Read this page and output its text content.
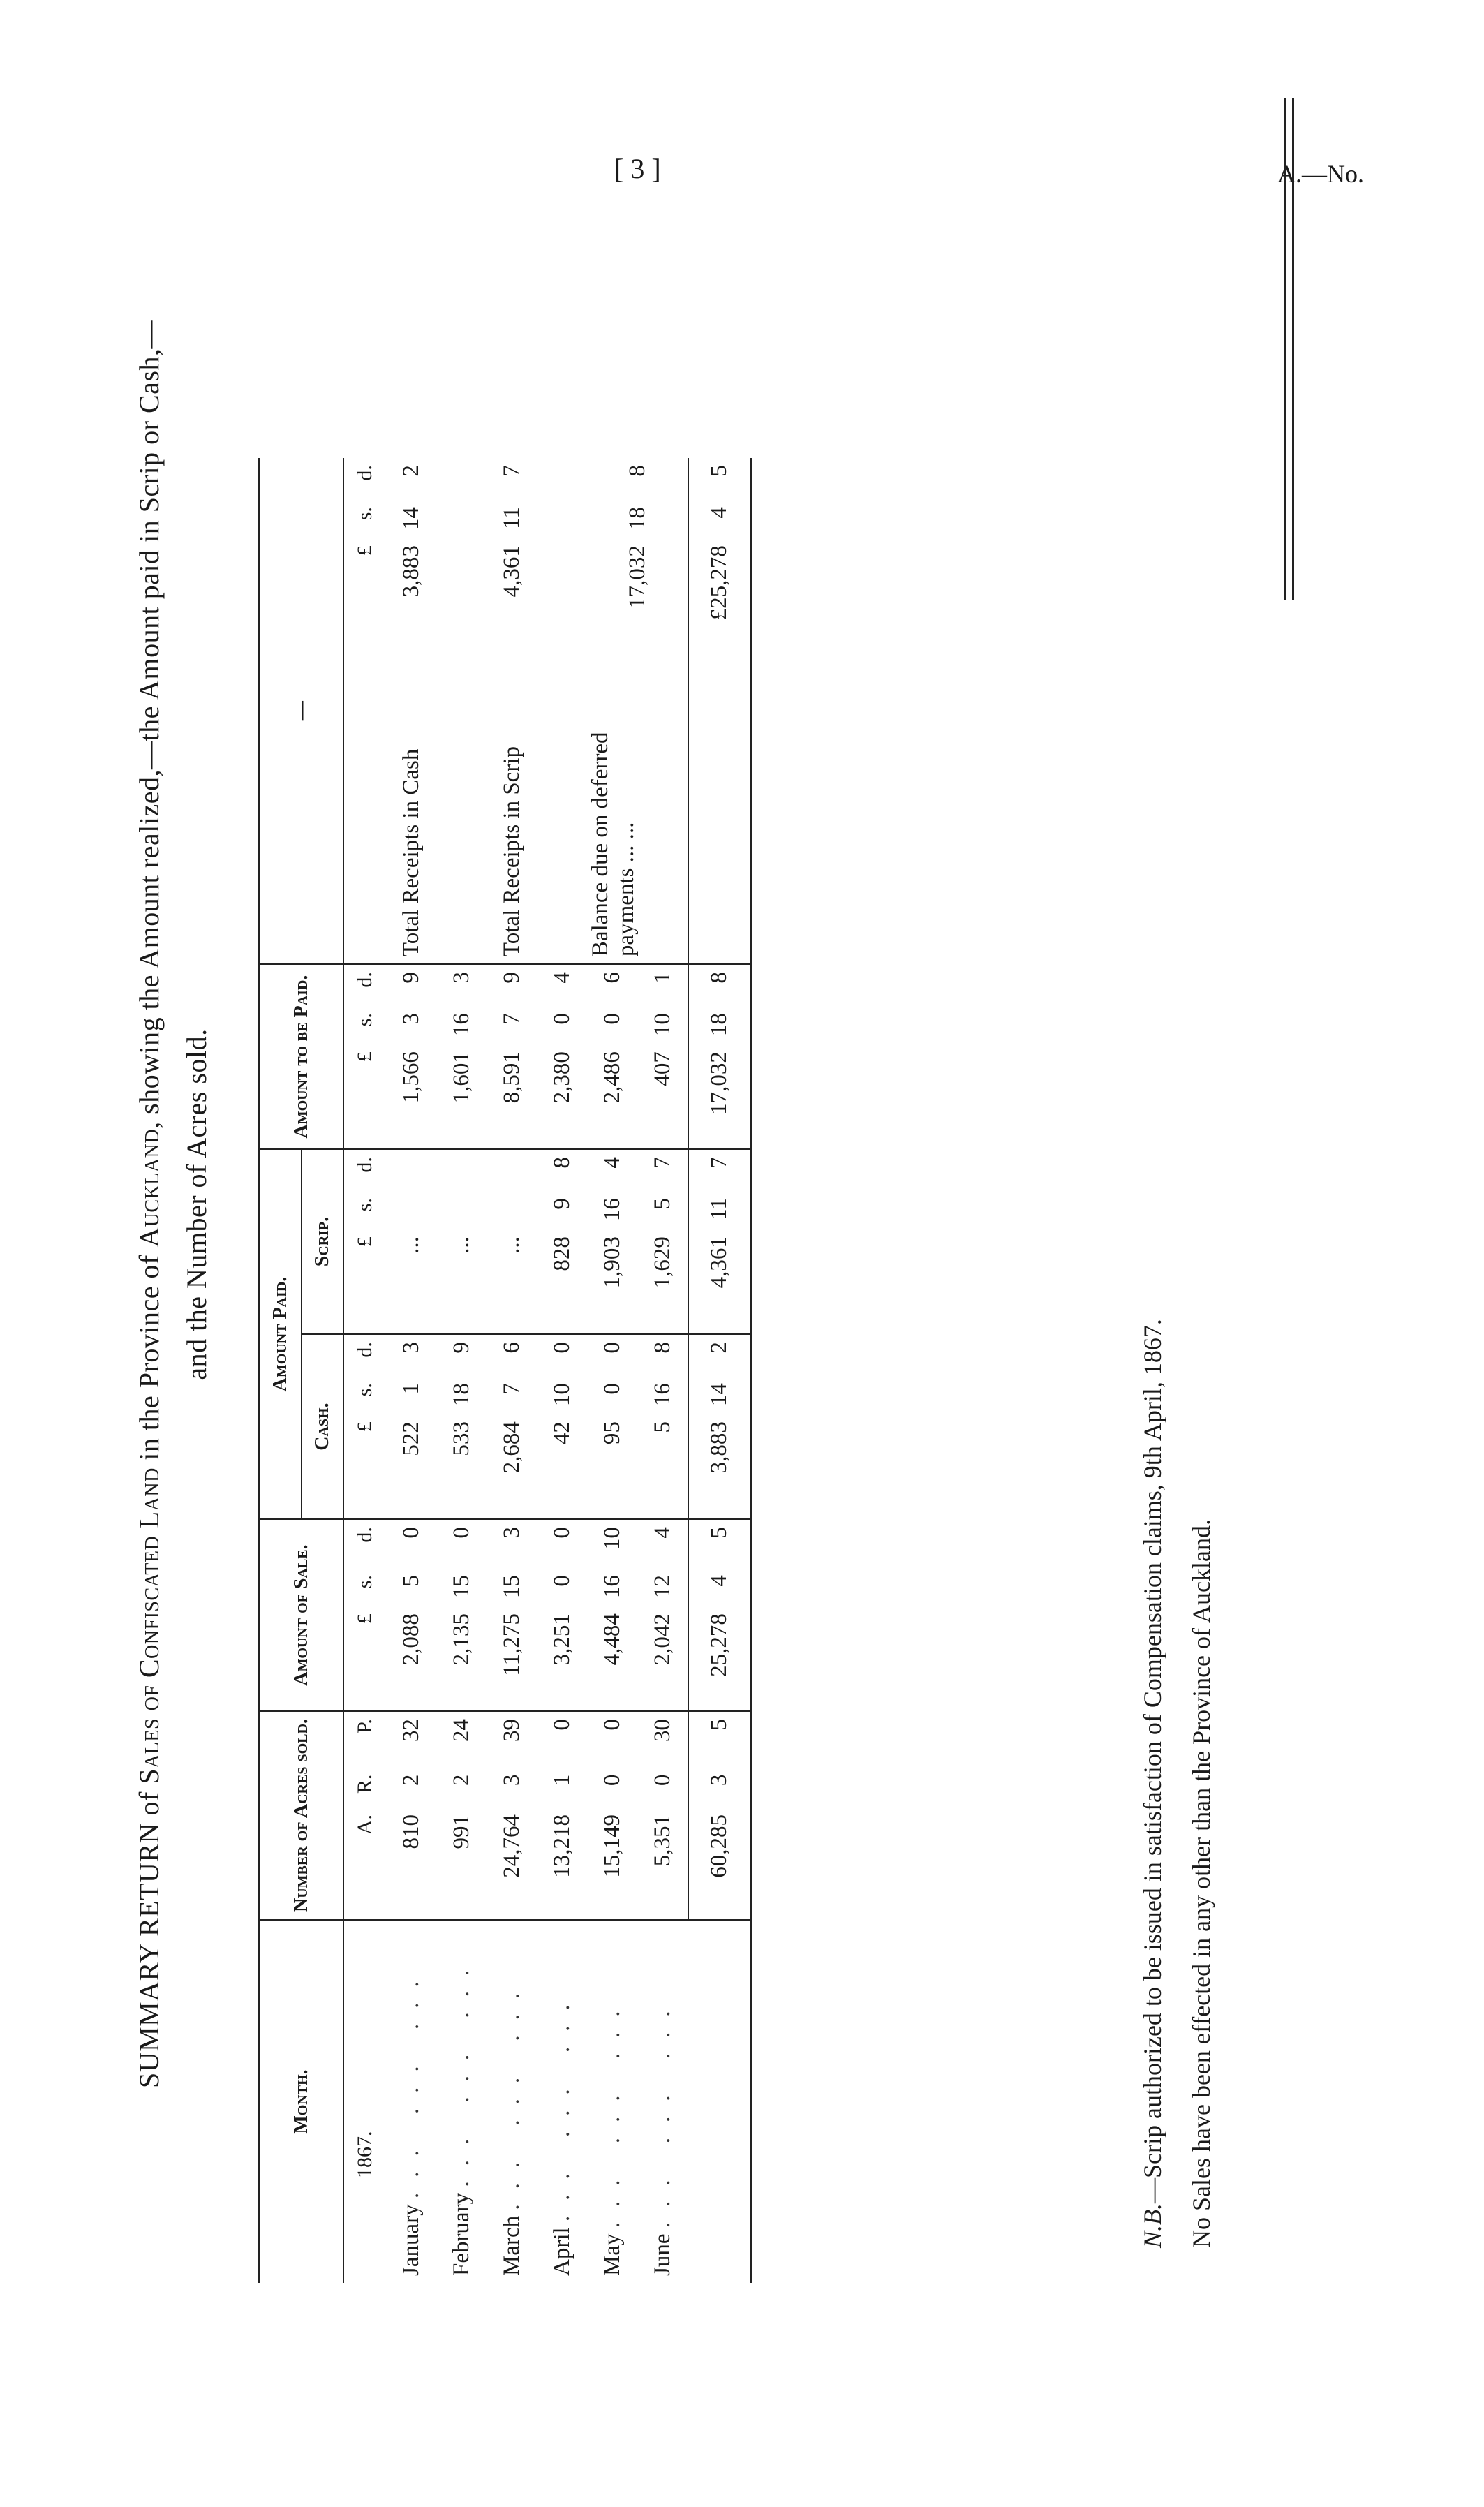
[ 3 ]	A.—No.
SUMMARY RETURN of Sales of Confiscated Land in the Province of Auckland, showing the Amount realized,—the Amount paid in Scrip or Cash,—
and the Number of Acres sold.
Month.	Number of Acres sold.			Amount of Sale.			Amount Paid.						Amount to be Paid.			—			
							Cash.			Scrip.									
1867.	A.	R.	P.	£	s.	d.	£	s.	d.	£	s.	d.	£	s.	d.		£	s.	d.
January ... ... ...	810	2	32	2,088	5	0	522	1	3	...			1,566	3	9	Total Receipts in Cash	3,883	14	2
February ... ... ...	991	2	24	2,135	15	0	533	18	9	...			1,601	16	3				
March ... ... ...	24,764	3	39	11,275	15	3	2,684	7	6	...			8,591	7	9	Total Receipts in Scrip	4,361	11	7
April ... ... ...	13,218	1	0	3,251	0	0	42	10	0	828	9	8	2,380	0	4				
May ... ... ...	15,149	0	0	4,484	16	10	95	0	0	1,903	16	4	2,486	0	6	Balance due on deferred payments ... ...	17,032	18	8
June ... ... ...	5,351	0	30	2,042	12	4	5	16	8	1,629	5	7	407	10	1				
	60,285	3	5	25,278	4	5	3,883	14	2	4,361	11	7	17,032	18	8		£25,278	4	5
N.B.—Scrip authorized to be issued in satisfaction of Compensation claims, 9th April, 1867. No Sales have been effected in any other than the Province of Auckland.
